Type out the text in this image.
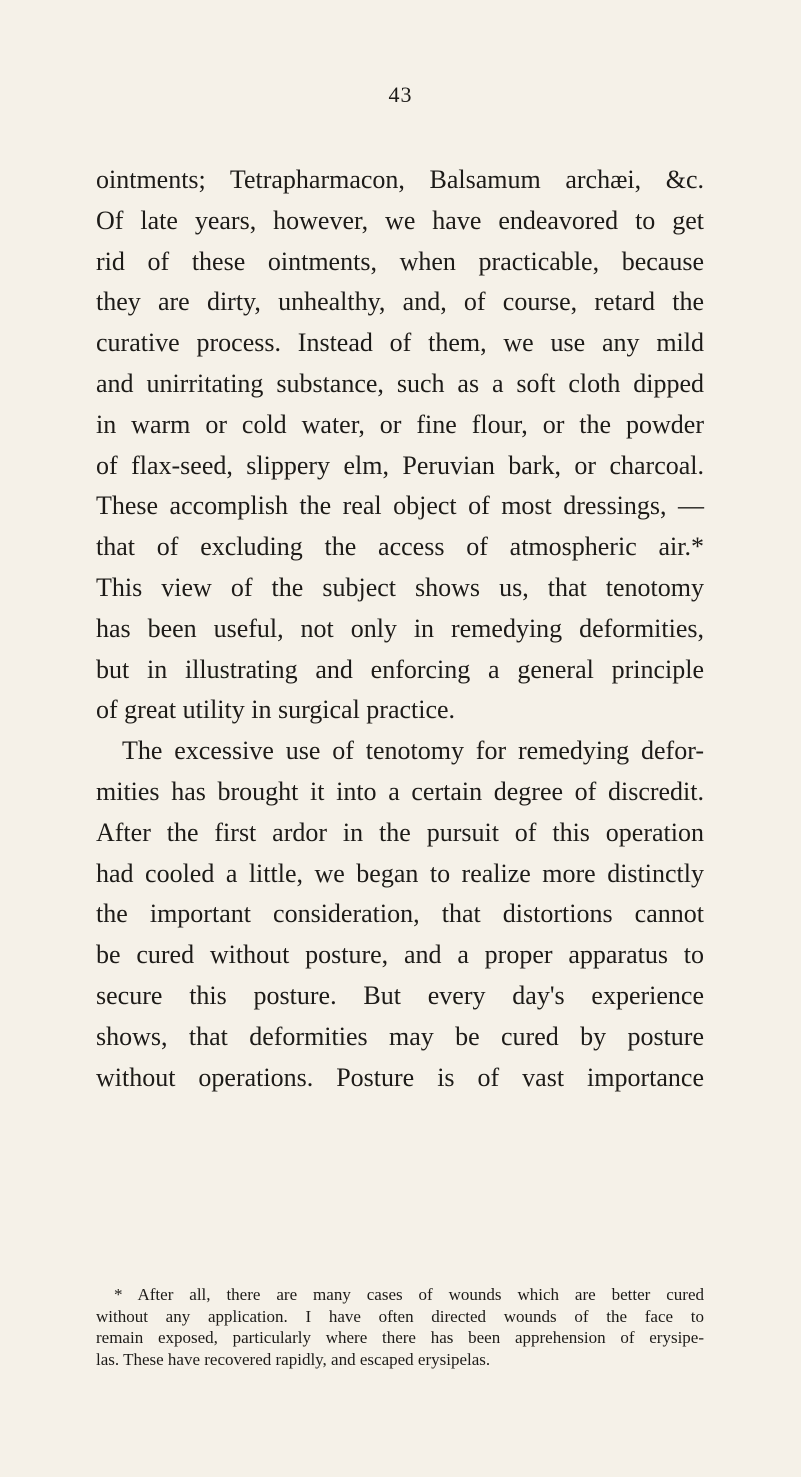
43
ointments; Tetrapharmacon, Balsamum archæi, &c.
Of late years, however, we have endeavored to get
rid of these ointments, when practicable, because
they are dirty, unhealthy, and, of course, retard the
curative process. Instead of them, we use any mild
and unirritating substance, such as a soft cloth dipped
in warm or cold water, or fine flour, or the powder
of flax-seed, slippery elm, Peruvian bark, or charcoal.
These accomplish the real object of most dressings, —
that of excluding the access of atmospheric air.*
This view of the subject shows us, that tenotomy
has been useful, not only in remedying deformities,
but in illustrating and enforcing a general principle
of great utility in surgical practice.
The excessive use of tenotomy for remedying defor-
mities has brought it into a certain degree of discredit.
After the first ardor in the pursuit of this operation
had cooled a little, we began to realize more distinctly
the important consideration, that distortions cannot
be cured without posture, and a proper apparatus to
secure this posture. But every day's experience
shows, that deformities may be cured by posture
without operations. Posture is of vast importance
* After all, there are many cases of wounds which are better cured
without any application. I have often directed wounds of the face to
remain exposed, particularly where there has been apprehension of erysipe-
las. These have recovered rapidly, and escaped erysipelas.
